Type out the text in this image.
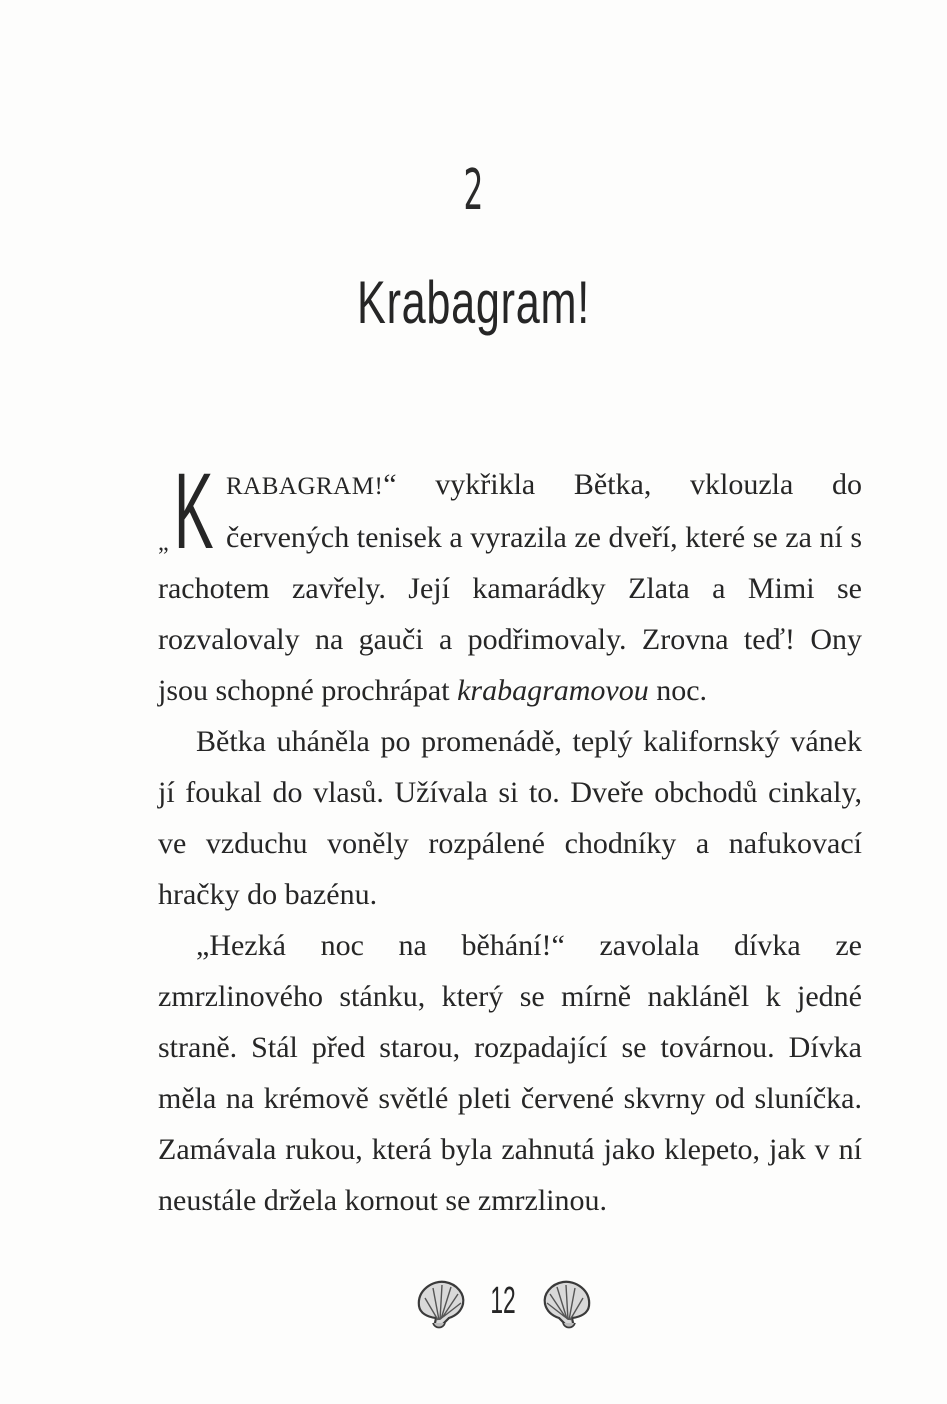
2
Krabagram!

„ K RABAGRAM!“ vykřikla Bětka, vklouzla do červených tenisek a vyrazila ze dveří, které se za ní s rachotem zavřely. Její kamarádky Zlata a Mimi se rozvalovaly na gauči a podřimovaly. Zrovna teď! Ony jsou schopné prochrápat krabagramovou noc.

Bětka uháněla po promenádě, teplý kalifornský vánek jí foukal do vlasů. Užívala si to. Dveře obchodů cinkaly, ve vzduchu voněly rozpálené chodníky a nafukovací hračky do bazénu.

„Hezká noc na běhání!“ zavolala dívka ze zmrzlinového stánku, který se mírně nakláněl k jedné straně. Stál před starou, rozpadající se továrnou. Dívka měla na krémově světlé pleti červené skvrny od sluníčka. Zamávala rukou, která byla zahnutá jako klepeto, jak v ní neustále držela kornout se zmrzlinou.

12
